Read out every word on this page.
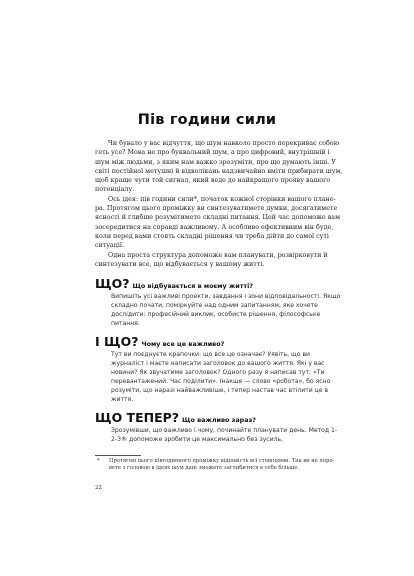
Пів години сили

Чи бувало у вас відчуття, що шум навколо просто перекриває собою геть усе? Мова не про буквальний шум, а про цифровий, внутрішній і шум між людьми, з яким нам важко зрозуміти, про що думають інші. У світі постійної метушні й відволікань надзвичайно вміти прибирати шум, щоб краще чути той сигнал, який веде до найкращого прояву вашого потенціалу.

Ось ідея: пів години сили*, початок кожної сторінки вашого планера. Протягом цього проміжку ви синтезуватимете думки, досягатимете ясності й глибше розумітимете складні питання. Цей час допоможе вам зосередитися на справді важливому. А особливо ефективним він буде, коли перед вами стоять складні рішення чи треба дійти до самої суті ситуації.

Одна проста структура допоможе вам планувати, розвірковути й синтезувати все, що відбувається у вашому житті.

ЩО? Що відбувається в моєму житті?
Випишіть усі важливі проекти, завдання і зони відповідальності. Якщо складно почати, поміркуйте над одним запитанням, яке хочете дослідити: професійний виклик, особисте рішення, філософське питання.
І ЩО? Чому все це важливо?
Тут ви поєднуєте крапочки: що все це означає? Уявіть, що ви журналіст і маєте написати заголовок до вашого життя. Які у вас новини? Як звучатиме заголовок? Одного разу я написав тут: «Ти перевантажений. Час поділити». Інакше — слово «робота», бо ясно розуміти, що наразі найважливіше, і тепер настав час втілити це в життя.
ЩО ТЕПЕР? Що важливо зараз?
Зрозумівши, що важливо і чому, починайте планувати день. Метод 1-2-3® допоможе зробити це максимально без зусиль.
*	Протягом цього півгодинного проміжку відповість всі стовпцями. Так ви не поровете з головою в ідеях шум дані зможете заглибитися в себе більше.
22
